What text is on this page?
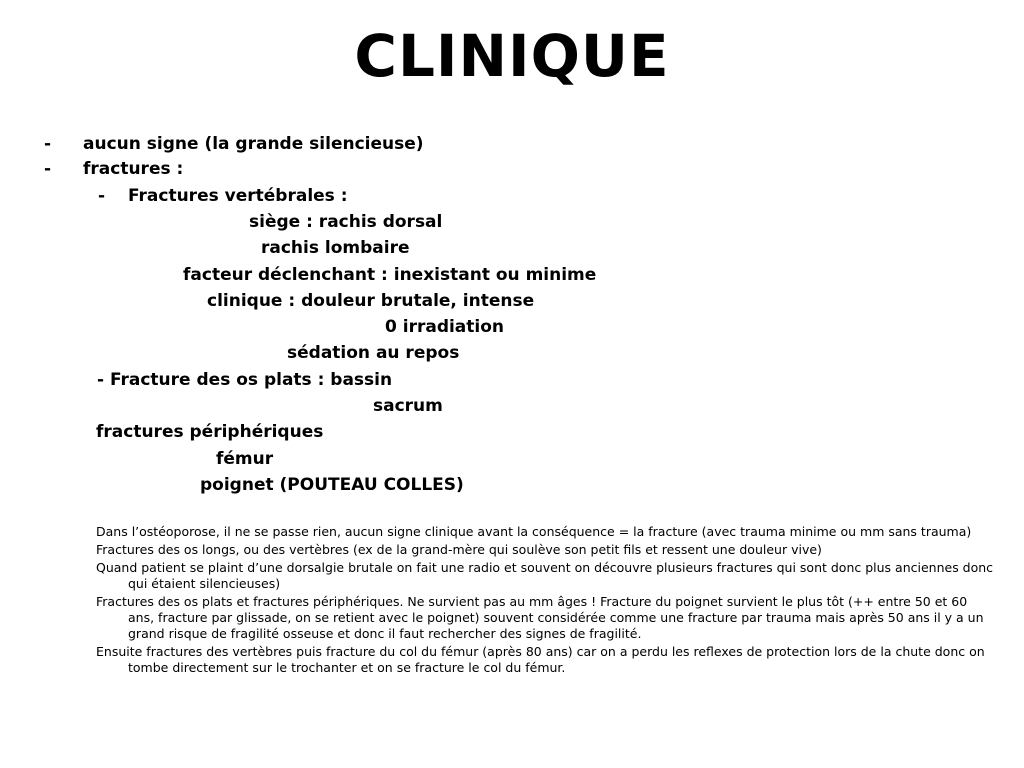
CLINIQUE
- aucun signe (la grande silencieuse)
- fractures :
- Fractures vertébrales :
siège : rachis dorsal
rachis lombaire
facteur déclenchant : inexistant ou minime
clinique : douleur brutale, intense
0 irradiation
sédation au repos
- Fracture des os plats : bassin
sacrum
fractures périphériques
fémur
poignet (POUTEAU COLLES)

Dans l’ostéoporose, il ne se passe rien, aucun signe clinique avant la conséquence = la fracture (avec trauma minime ou mm sans trauma)

Fractures des os longs, ou des vertèbres (ex de la grand-mère qui soulève son petit fils et ressent une douleur vive)

Quand patient se plaint d’une dorsalgie brutale on fait une radio et souvent on découvre plusieurs fractures qui sont donc plus anciennes donc qui étaient silencieuses)

Fractures des os plats et fractures périphériques. Ne survient pas au mm âges ! Fracture du poignet survient le plus tôt (++ entre 50 et 60 ans, fracture par glissade, on se retient avec le poignet) souvent considérée comme une fracture par trauma mais après 50 ans il y a un grand risque de fragilité osseuse et donc il faut rechercher des signes de fragilité.

Ensuite fractures des vertèbres puis fracture du col du fémur (après 80 ans) car on a perdu les reflexes de protection lors de la chute donc on tombe directement sur le trochanter et on se fracture le col du fémur.
